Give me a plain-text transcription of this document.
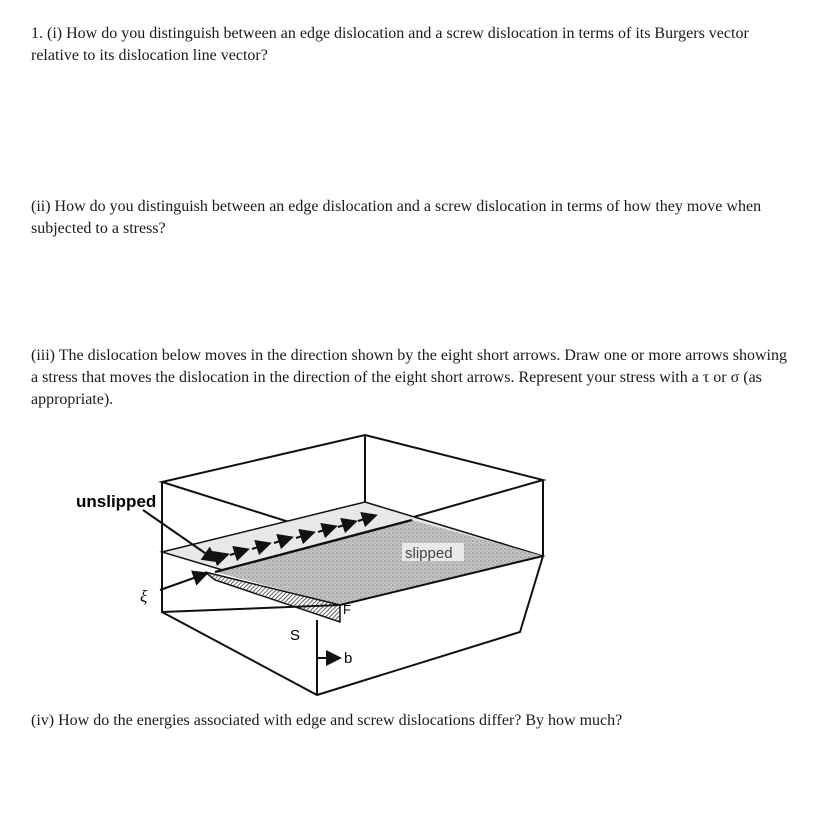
1. (i) How do you distinguish between an edge dislocation and a screw dislocation in terms of its Burgers vector relative to its dislocation line vector?

(ii) How do you distinguish between an edge dislocation and a screw dislocation in terms of how they move when subjected to a stress?

(iii) The dislocation below moves in the direction shown by the eight short arrows. Draw one or more arrows showing a stress that moves the dislocation in the direction of the eight short arrows. Represent your stress with a τ or σ (as appropriate).

unslipped
slipped
ξ
S
F
b

(iv) How do the energies associated with edge and screw dislocations differ? By how much?
